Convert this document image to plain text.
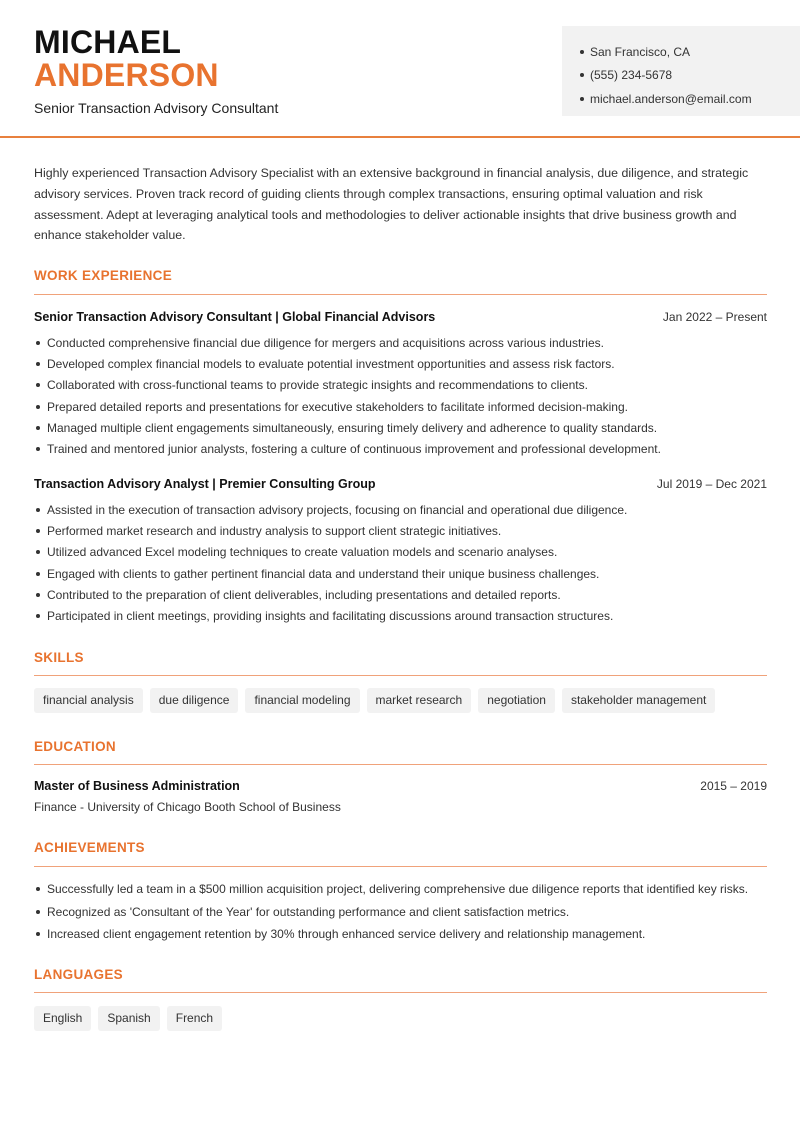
MICHAEL
ANDERSON
Senior Transaction Advisory Consultant
San Francisco, CA
(555) 234-5678
michael.anderson@email.com

Highly experienced Transaction Advisory Specialist with an extensive background in financial analysis, due diligence, and strategic advisory services. Proven track record of guiding clients through complex transactions, ensuring optimal valuation and risk assessment. Adept at leveraging analytical tools and methodologies to deliver actionable insights that drive business growth and enhance stakeholder value.

WORK EXPERIENCE
Senior Transaction Advisory Consultant | Global Financial Advisors	Jan 2022 – Present
Conducted comprehensive financial due diligence for mergers and acquisitions across various industries.
Developed complex financial models to evaluate potential investment opportunities and assess risk factors.
Collaborated with cross-functional teams to provide strategic insights and recommendations to clients.
Prepared detailed reports and presentations for executive stakeholders to facilitate informed decision-making.
Managed multiple client engagements simultaneously, ensuring timely delivery and adherence to quality standards.
Trained and mentored junior analysts, fostering a culture of continuous improvement and professional development.
Transaction Advisory Analyst | Premier Consulting Group	Jul 2019 – Dec 2021
Assisted in the execution of transaction advisory projects, focusing on financial and operational due diligence.
Performed market research and industry analysis to support client strategic initiatives.
Utilized advanced Excel modeling techniques to create valuation models and scenario analyses.
Engaged with clients to gather pertinent financial data and understand their unique business challenges.
Contributed to the preparation of client deliverables, including presentations and detailed reports.
Participated in client meetings, providing insights and facilitating discussions around transaction structures.
SKILLS
financial analysis	due diligence	financial modeling	market research	negotiation	stakeholder management
EDUCATION
Master of Business Administration	2015 – 2019
Finance - University of Chicago Booth School of Business
ACHIEVEMENTS
Successfully led a team in a $500 million acquisition project, delivering comprehensive due diligence reports that identified key risks.
Recognized as 'Consultant of the Year' for outstanding performance and client satisfaction metrics.
Increased client engagement retention by 30% through enhanced service delivery and relationship management.
LANGUAGES
English	Spanish	French
